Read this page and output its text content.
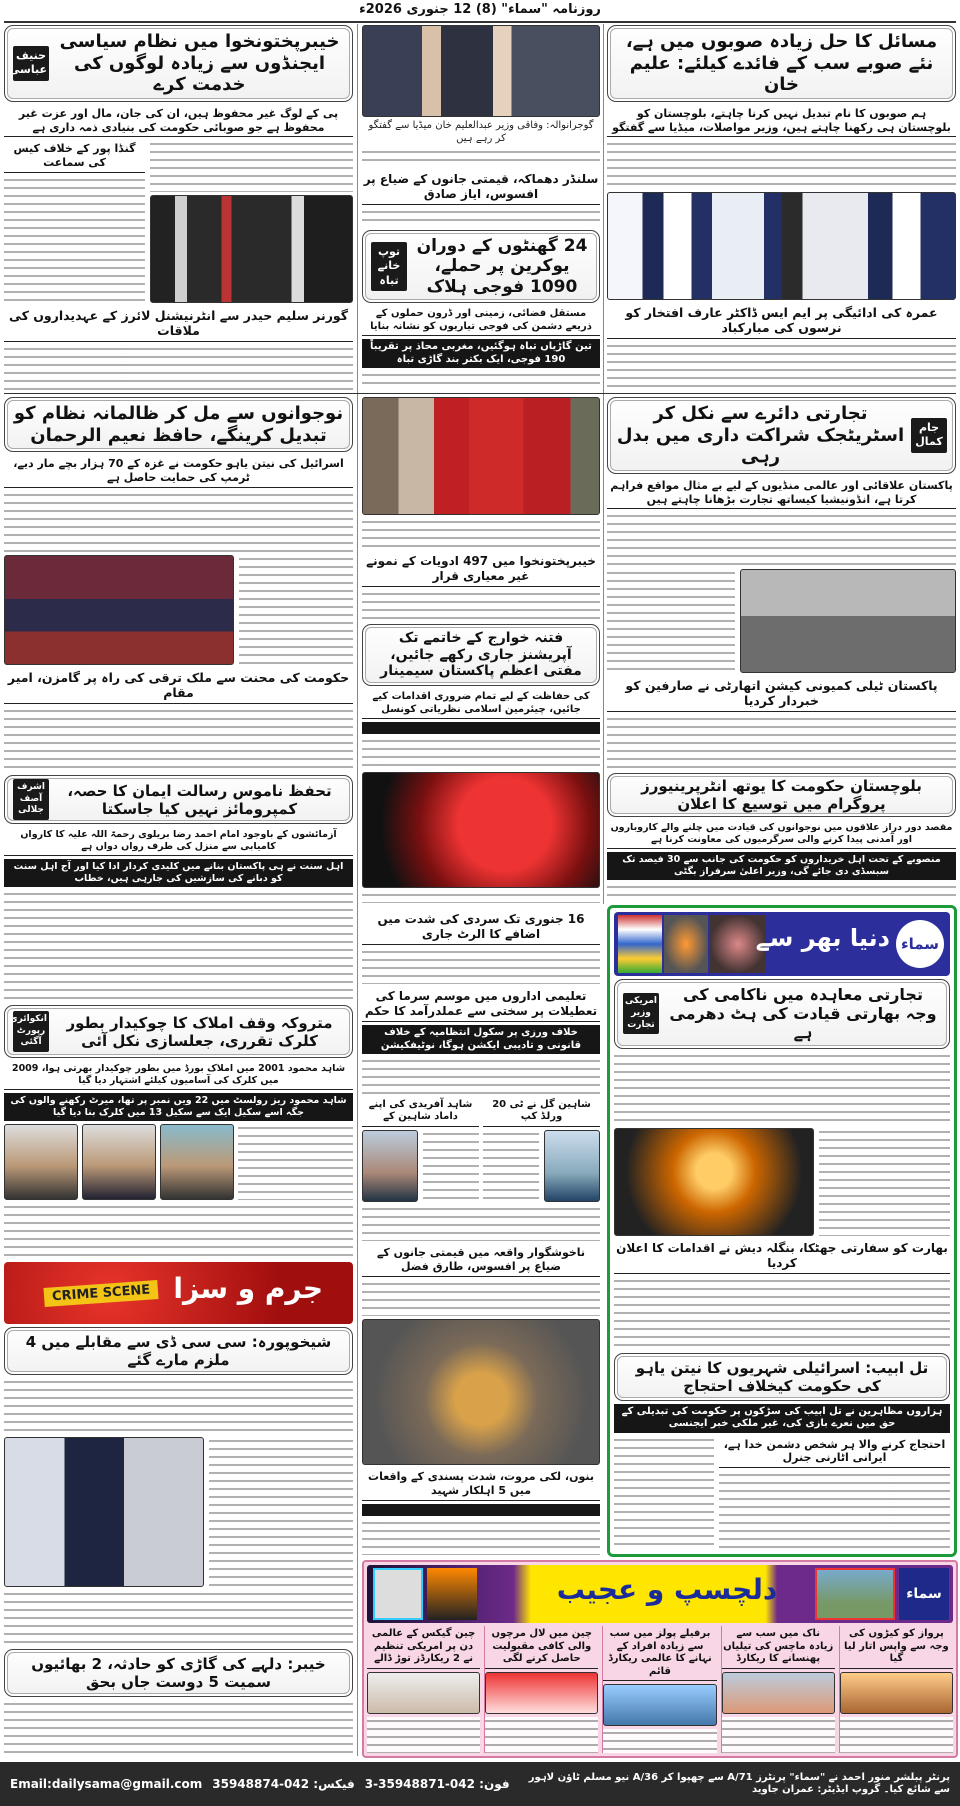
روزنامہ "سماء" (8) 12 جنوری 2026ء
مسائل کا حل زیادہ صوبوں میں ہے، نئے صوبے سب کے فائدے کیلئے: علیم خان
ہم صوبوں کا نام تبدیل نہیں کرنا چاہتے، بلوچستان کو بلوچستان ہی رکھنا چاہتے ہیں، وزیر مواصلات، میڈیا سے گفتگو
عمرہ کی ادائیگی پر ایم ایس ڈاکٹر عارف افتخار کو نرسوں کی مبارکباد
گوجرانوالہ: وفاقی وزیر عبدالعلیم خان میڈیا سے گفتگو کر رہے ہیں
سلنڈر دھماکہ، قیمتی جانوں کے ضیاع پر افسوس، ایاز صادق
24 گھنٹوں کے دوران یوکرین پر حملے، 1090 فوجی ہلاک
توپ خانے تباہ
مستقل فضائی، زمینی اور ڈرون حملوں کے ذریعے دشمن کی فوجی تیاریوں کو نشانہ بنایا
تین گاڑیاں تباہ ہوگئیں، مغربی محاذ پر تقریباً 190 فوجی، ایک بکتر بند گاڑی تباہ
خیبرپختونخوا میں نظام سیاسی ایجنڈوں سے زیادہ لوگوں کی خدمت کرے
حنیف عباسی
پی کے لوگ غیر محفوظ ہیں، ان کی جان، مال اور عزت غیر محفوظ ہے جو صوبائی حکومت کی بنیادی ذمہ داری ہے
گنڈا پور کے خلاف کیس کی سماعت
گورنر سلیم حیدر سے انٹرنیشنل لائرز کے عہدیداروں کی ملاقات
جام کمال
تجارتی دائرے سے نکل کر اسٹریٹجک شراکت داری میں بدل رہی
پاکستان علاقائی اور عالمی منڈیوں کے لیے بے مثال مواقع فراہم کرتا ہے، انڈونیشیا کیساتھ تجارت بڑھانا چاہتے ہیں
پاکستان ٹیلی کمیونی کیشن اتھارٹی نے صارفین کو خبردار کردیا
خیبرپختونخوا میں 497 ادویات کے نمونے غیر معیاری قرار
فتنہ خوارج کے خاتمے تک آپریشنز جاری رکھے جائیں، مفتی اعظم پاکستان سیمینار
کی حفاظت کے لیے تمام ضروری اقدامات کیے جائیں، چیئرمین اسلامی نظریاتی کونسل
نوجوانوں سے مل کر ظالمانہ نظام کو تبدیل کرینگے، حافظ نعیم الرحمان
اسرائیل کی نیتن یاہو حکومت نے غزہ کے 70 ہزار بچے مار دیے، ٹرمپ کی حمایت حاصل ہے
حکومت کی محنت سے ملک ترقی کی راہ پر گامزن، امیر مقام
بلوچستان حکومت کا یوتھ انٹرپرینیورز پروگرام میں توسیع کا اعلان
مقصد دور دراز علاقوں میں نوجوانوں کی قیادت میں چلنے والے کاروباروں اور آمدنی پیدا کرنے والی سرگرمیوں کی معاونت کرنا ہے
منصوبے کے تحت اہل خریداروں کو حکومت کی جانب سے 30 فیصد تک سبسڈی دی جائے گی، وزیر اعلیٰ سرفراز بگٹی
تحفظ ناموس رسالت ایمان کا حصہ، کمپرومائز نہیں کیا جاسکتا
اشرف آصف جلالی
آزمائشوں کے باوجود امام احمد رضا بریلوی رحمۃ اللہ علیہ کا کارواں کامیابی سے منزل کی طرف رواں دواں ہے
اہل سنت نے ہی پاکستان بنانے میں کلیدی کردار ادا کیا اور آج اہل سنت کو دبانے کی سازشیں کی جارہی ہیں، خطاب
دنیا بھر سے سماء
تجارتی معاہدہ میں ناکامی کی وجہ بھارتی قیادت کی ہٹ دھرمی ہے
امریکی وزیر تجارت
بھارت کو سفارتی جھٹکا، بنگلہ دیش نے اقدامات کا اعلان کردیا
تل ابیب: اسرائیلی شہریوں کا نیتن یاہو کی حکومت کیخلاف احتجاج
ہزاروں مظاہرین نے تل ابیب کی سڑکوں پر حکومت کی تبدیلی کے حق میں نعرے بازی کی، غیر ملکی خبر ایجنسی
احتجاج کرنے والا ہر شخص دشمن خدا ہے، ایرانی اٹارنی جنرل
16 جنوری تک سردی کی شدت میں اضافے کا الرٹ جاری
تعلیمی اداروں میں موسم سرما کی تعطیلات پر سختی سے عملدرآمد کا حکم
خلاف ورزی پر سکول انتظامیہ کے خلاف قانونی و تادیبی ایکشن ہوگا، نوٹیفکیشن
شاہین گل نے ٹی 20 ورلڈ کپ
شاہد آفریدی کی اپنے داماد شاہین کے
ناخوشگوار واقعہ میں قیمتی جانوں کے ضیاع پر افسوس، طارق فضل
بنوں، لکی مروت، شدت پسندی کے واقعات میں 5 اہلکار شہید
متروکہ وقف املاک کا چوکیدار بطور کلرک تقرری، جعلسازی نکل آئی
انکوائری رپورٹ آگئی
شاہد محمود 2001 میں املاک بورڈ میں بطور چوکیدار بھرتی ہوا، 2009 میں کلرک کی آسامیوں کیلئے اشتہار دیا گیا
شاہد محمود ریز رولسٹ میں 22 ویں نمبر پر تھا، میرٹ رکھنے والوں کی جگہ اسے سکیل ایک سے سکیل 13 میں کلرک بنا دیا گیا
CRIME SCENE جرم و سزا
شیخوپورہ: سی سی ڈی سے مقابلے میں 4 ملزم مارے گئے
خیبر: دلہے کی گاڑی کو حادثہ، 2 بھائیوں سمیت 5 دوست جاں بحق
دلچسپ و عجیب	سماء
پرواز کو کیڑوں کی وجہ سے واپس اتار لیا گیا
ناک میں سب سے زیادہ ماچس کی تیلیاں پھنسانے کا ریکارڈ
برفیلے پولز میں سب سے زیادہ افراد کے نہانے کا عالمی ریکارڈ قائم
چین میں لال مرچوں والی کافی مقبولیت حاصل کرنے لگی
چین گیکس کے عالمی دن پر امریکی تنظیم نے 2 ریکارڈز توڑ ڈالے
Email:dailysama@gmail.com فیکس: 042-35948874 فون: 042-35948871-3	پرنٹر پبلشر منور احمد نے "سماء" پرنٹرز 71/A سے چھپوا کر 36/A نیو مسلم ٹاؤن لاہور سے شائع کیا۔ گروپ ایڈیٹر: عمران جاوید
